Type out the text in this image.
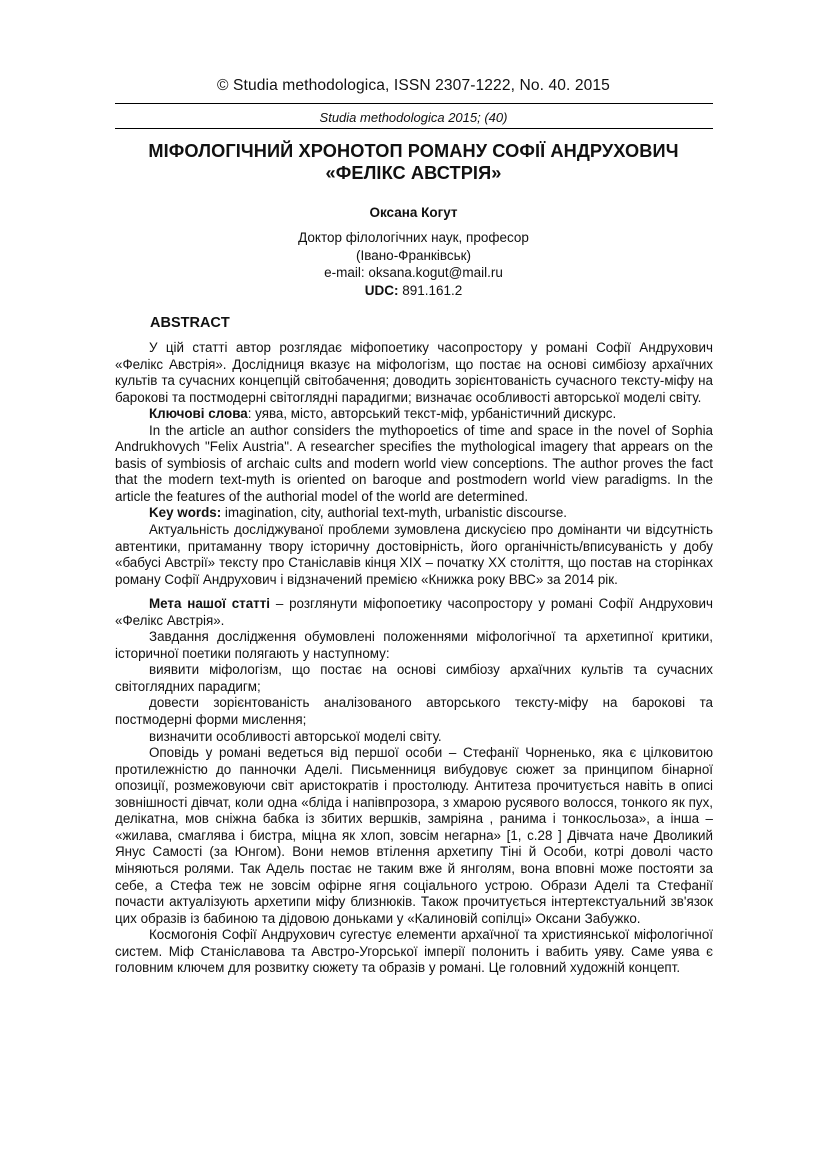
© Studia methodologica, ISSN 2307-1222, No. 40. 2015
Studia methodologica 2015; (40)
МІФОЛОГІЧНИЙ ХРОНОТОП РОМАНУ СОФІЇ АНДРУХОВИЧ
«ФЕЛІКС АВСТРІЯ»
Оксана Когут
Доктор філологічних наук, професор
(Івано-Франківськ)
e-mail: oksana.kogut@mail.ru
UDC: 891.161.2
ABSTRACT

У цій статті автор розглядає міфопоетику часопростору у романі Софії Андрухович «Фелікс Австрія». Дослідниця вказує на міфологізм, що постає на основі симбіозу архаїчних культів та сучасних концепцій світобачення; доводить зорієнтованість сучасного тексту-міфу на барокові та постмодерні світоглядні парадигми; визначає особливості авторської моделі світу.

Ключові слова: уява, місто, авторський текст-міф, урбаністичний дискурс.

In the article an author considers the mythopoetics of time and space in the novel of Sophia Andrukhovych "Felix Austria". A researcher specifies the mythological imagery that appears on the basis of symbiosis of archaic cults and modern world view conceptions. The author proves the fact that the modern text-myth is oriented on baroque and postmodern world view paradigms. In the article the features of the authorial model of the world are determined.

Key words: imagination, city, authorial text-myth, urbanistic discourse.

Актуальність досліджуваної проблеми зумовлена дискусією про домінанти чи відсутність автентики, притаманну твору історичну достовірність, його органічність/вписуваність у добу «бабусі Австрії» тексту про Станіславів кінця ХІХ – початку ХХ століття, що постав на сторінках роману Софії Андрухович і відзначений премією «Книжка року ВВС» за 2014 рік.

Мета нашої статті – розглянути міфопоетику часопростору у романі Софії Андрухович «Фелікс Австрія».

Завдання дослідження обумовлені положеннями міфологічної та архетипної критики, історичної поетики полягають у наступному:

виявити міфологізм, що постає на основі симбіозу архаїчних культів та сучасних світоглядних парадигм;

довести зорієнтованість аналізованого авторського тексту-міфу на барокові та постмодерні форми мислення;

визначити особливості авторської моделі світу.

Оповідь у романі ведеться від першої особи – Стефанії Чорненько, яка є цілковитою протилежністю до панночки Аделі. Письменниця вибудовує сюжет за принципом бінарної опозиції, розмежовуючи світ аристократів і простолюду. Антитеза прочитується навіть в описі зовнішності дівчат, коли одна «бліда і напівпрозора, з хмарою русявого волосся, тонкого як пух, делікатна, мов сніжна бабка із збитих вершків, замріяна , ранима і тонкосльоза», а інша – «жилава, смаглява і бистра, міцна як хлоп, зовсім негарна» [1, с.28 ] Дівчата наче Дволикий Янус Самості (за Юнгом). Вони немов втілення архетипу Тіні й Особи, котрі доволі часто міняються ролями. Так Адель постає не таким вже й янголям, вона вповні може постояти за себе, а Стефа теж не зовсім офірне ягня соціального устрою. Образи Аделі та Стефанії почасти актуалізують архетипи міфу близнюків. Також прочитується інтертекстуальний зв'язок цих образів із бабиною та дідовою доньками у «Калиновій сопілці» Оксани Забужко.

Космогонія Софії Андрухович сугестує елементи архаїчної та християнської міфологічної систем. Міф Станіславова та Австро-Угорської імперії полонить і вабить уяву. Саме уява є головним ключем для розвитку сюжету та образів у романі. Це головний художній концепт.
